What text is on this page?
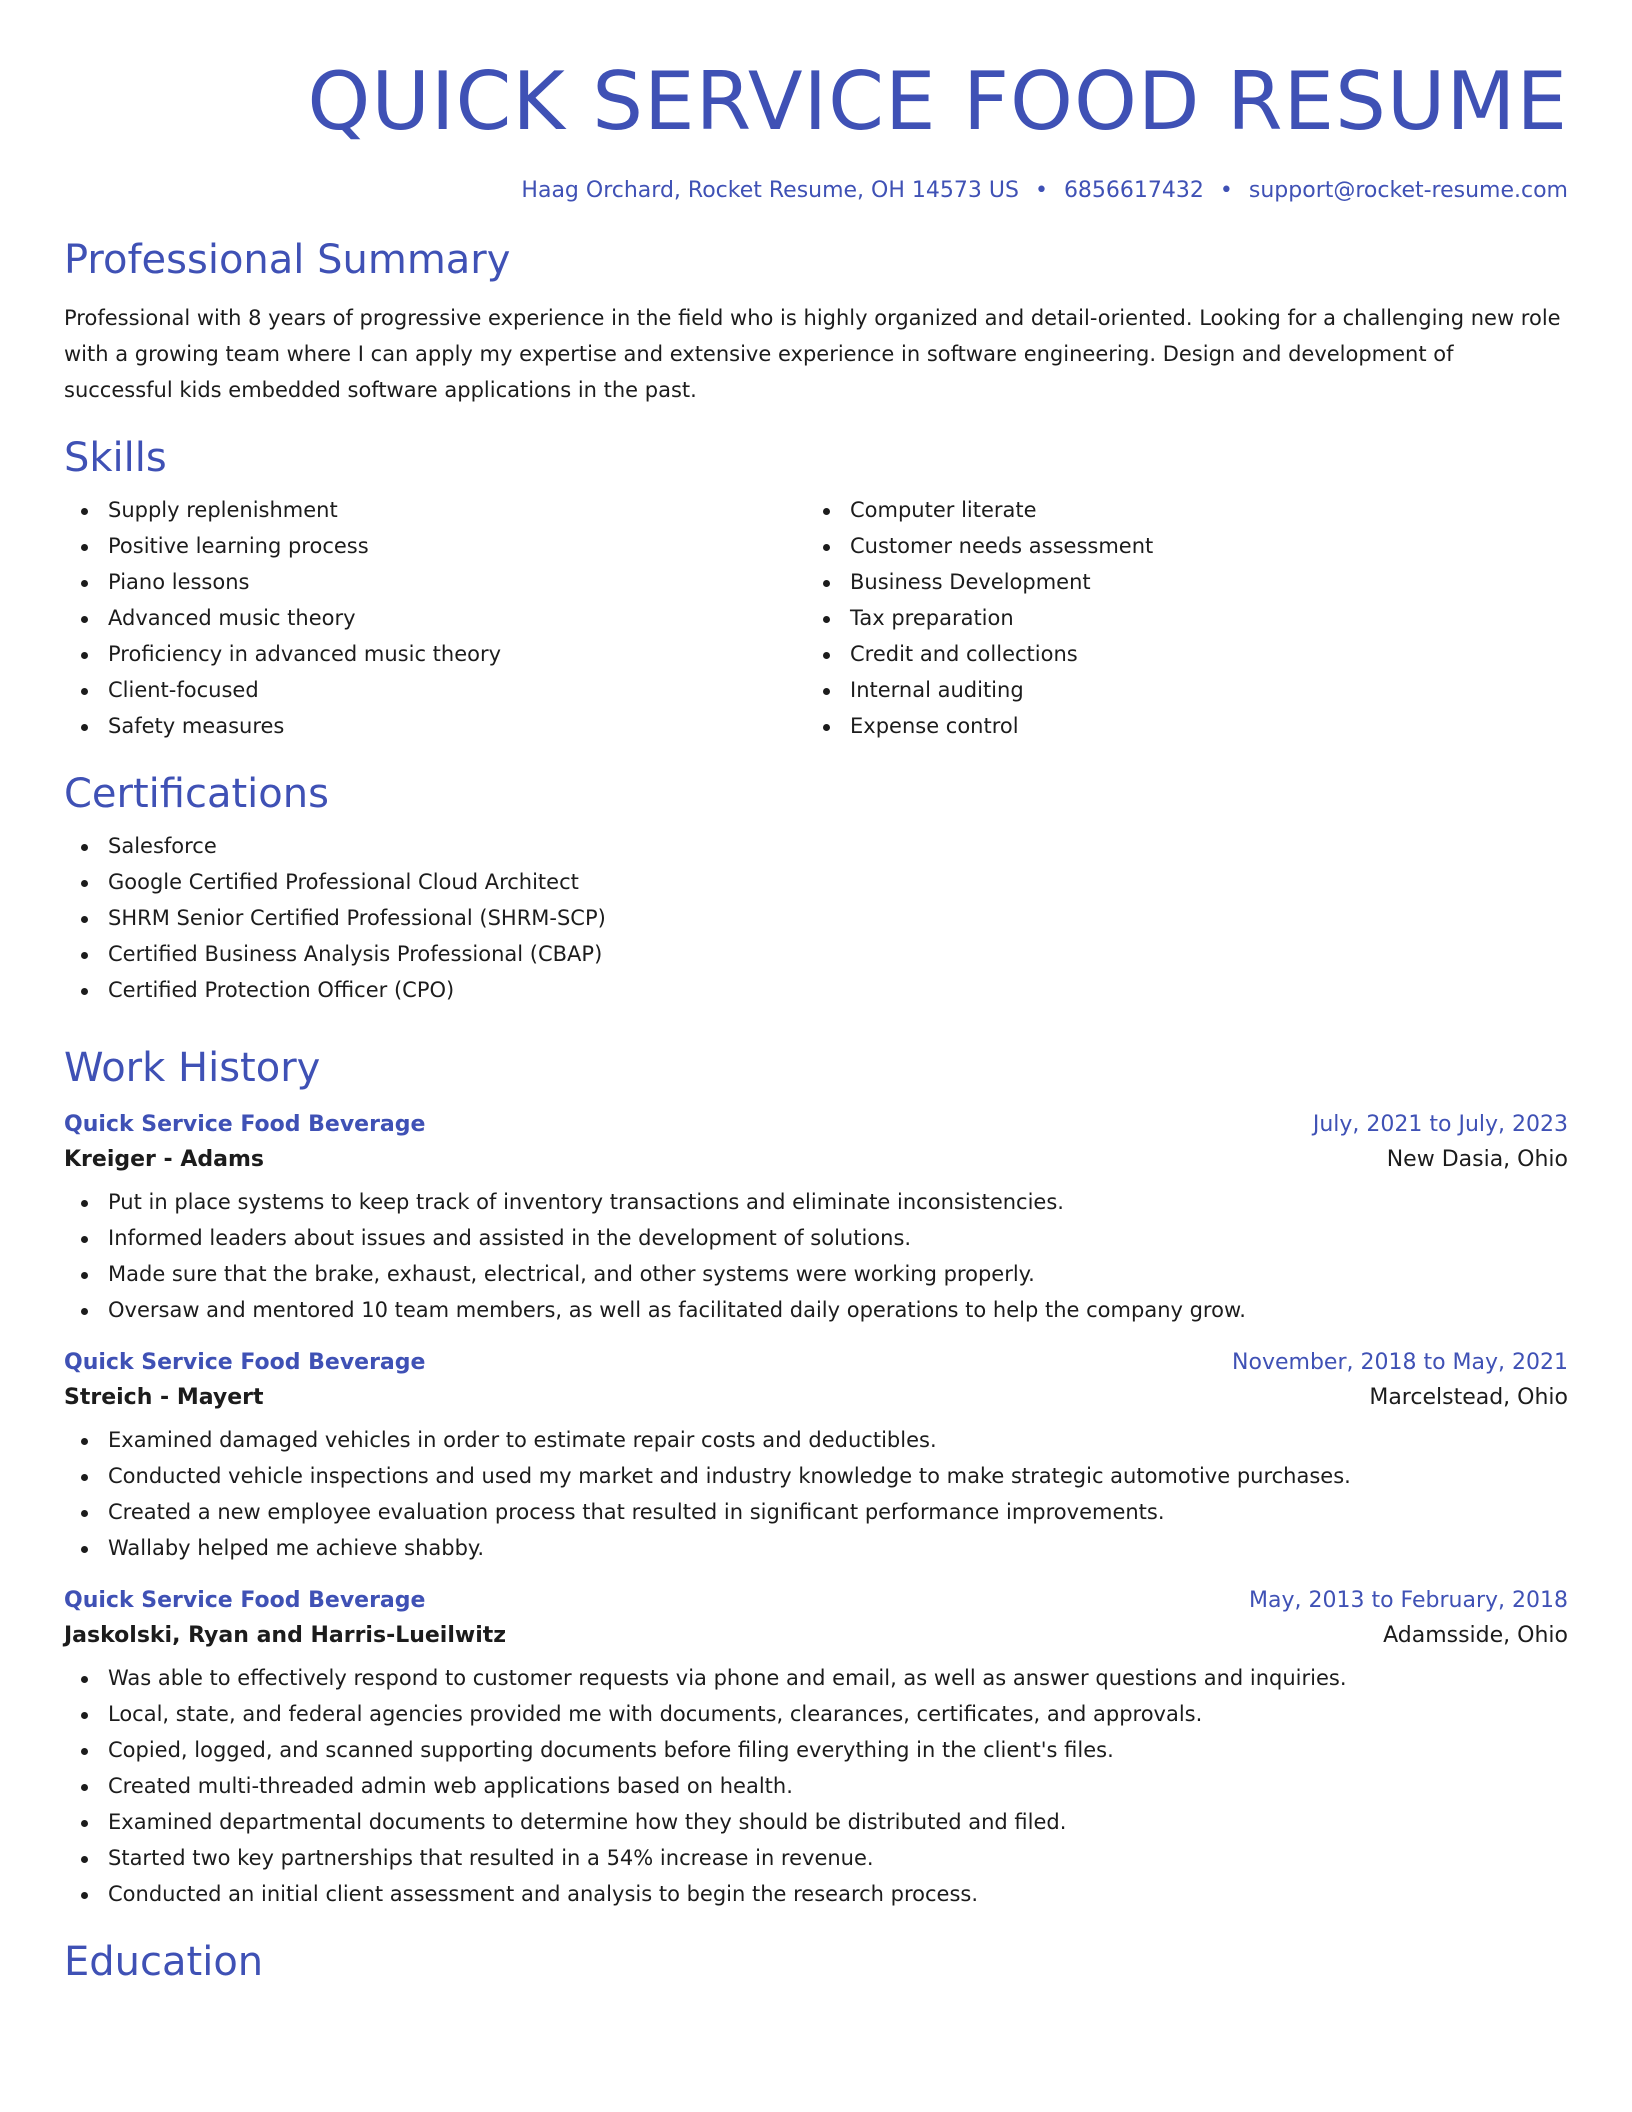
QUICK SERVICE FOOD RESUME
Haag Orchard, Rocket Resume, OH 14573 US • 6856617432 • support@rocket-resume.com
Professional Summary

Professional with 8 years of progressive experience in the field who is highly organized and detail-oriented. Looking for a challenging new role with a growing team where I can apply my expertise and extensive experience in software engineering. Design and development of successful kids embedded software applications in the past.

Skills
Supply replenishment
Positive learning process
Piano lessons
Advanced music theory
Proficiency in advanced music theory
Client-focused
Safety measures
Computer literate
Customer needs assessment
Business Development
Tax preparation
Credit and collections
Internal auditing
Expense control
Certifications
Salesforce
Google Certified Professional Cloud Architect
SHRM Senior Certified Professional (SHRM-SCP)
Certified Business Analysis Professional (CBAP)
Certified Protection Officer (CPO)
Work History
Quick Service Food Beverage	July, 2021 to July, 2023
Kreiger - Adams	New Dasia, Ohio
Put in place systems to keep track of inventory transactions and eliminate inconsistencies.
Informed leaders about issues and assisted in the development of solutions.
Made sure that the brake, exhaust, electrical, and other systems were working properly.
Oversaw and mentored 10 team members, as well as facilitated daily operations to help the company grow.
Quick Service Food Beverage	November, 2018 to May, 2021
Streich - Mayert	Marcelstead, Ohio
Examined damaged vehicles in order to estimate repair costs and deductibles.
Conducted vehicle inspections and used my market and industry knowledge to make strategic automotive purchases.
Created a new employee evaluation process that resulted in significant performance improvements.
Wallaby helped me achieve shabby.
Quick Service Food Beverage	May, 2013 to February, 2018
Jaskolski, Ryan and Harris-Lueilwitz	Adamsside, Ohio
Was able to effectively respond to customer requests via phone and email, as well as answer questions and inquiries.
Local, state, and federal agencies provided me with documents, clearances, certificates, and approvals.
Copied, logged, and scanned supporting documents before filing everything in the client's files.
Created multi-threaded admin web applications based on health.
Examined departmental documents to determine how they should be distributed and filed.
Started two key partnerships that resulted in a 54% increase in revenue.
Conducted an initial client assessment and analysis to begin the research process.
Education
